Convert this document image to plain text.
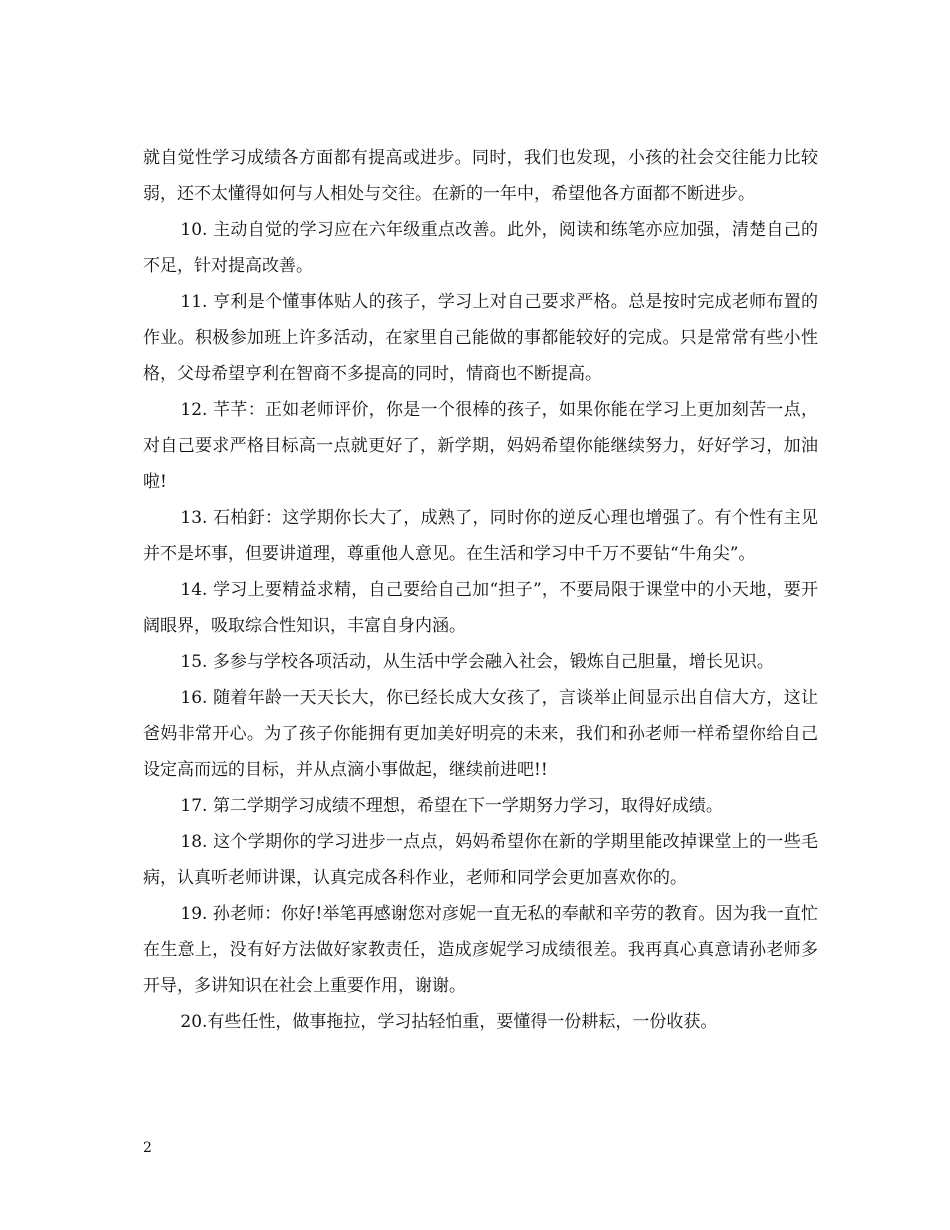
就自觉性学习成绩各方面都有提高或进步。同时，我们也发现，小孩的社会交往能力比较弱，还不太懂得如何与人相处与交往。在新的一年中，希望他各方面都不断进步。

10. 主动自觉的学习应在六年级重点改善。此外，阅读和练笔亦应加强，清楚自己的不足，针对提高改善。

11. 亨利是个懂事体贴人的孩子，学习上对自己要求严格。总是按时完成老师布置的作业。积极参加班上许多活动，在家里自己能做的事都能较好的完成。只是常常有些小性格，父母希望亨利在智商不多提高的同时，情商也不断提高。

12. 芊芊：正如老师评价，你是一个很棒的孩子，如果你能在学习上更加刻苦一点，对自己要求严格目标高一点就更好了，新学期，妈妈希望你能继续努力，好好学习，加油啦!

13. 石柏釪：这学期你长大了，成熟了，同时你的逆反心理也增强了。有个性有主见并不是坏事，但要讲道理，尊重他人意见。在生活和学习中千万不要钻“牛角尖”。

14. 学习上要精益求精，自己要给自己加“担子”，不要局限于课堂中的小天地，要开阔眼界，吸取综合性知识，丰富自身内涵。

15. 多参与学校各项活动，从生活中学会融入社会，锻炼自己胆量，增长见识。

16. 随着年龄一天天长大，你已经长成大女孩了，言谈举止间显示出自信大方，这让爸妈非常开心。为了孩子你能拥有更加美好明亮的未来，我们和孙老师一样希望你给自己设定高而远的目标，并从点滴小事做起，继续前进吧!!

17. 第二学期学习成绩不理想，希望在下一学期努力学习，取得好成绩。

18. 这个学期你的学习进步一点点，妈妈希望你在新的学期里能改掉课堂上的一些毛病，认真听老师讲课，认真完成各科作业，老师和同学会更加喜欢你的。

19. 孙老师：你好!举笔再感谢您对彦妮一直无私的奉献和辛劳的教育。因为我一直忙在生意上，没有好方法做好家教责任，造成彦妮学习成绩很差。我再真心真意请孙老师多开导，多讲知识在社会上重要作用，谢谢。

20.有些任性，做事拖拉，学习拈轻怕重，要懂得一份耕耘，一份收获。

2
